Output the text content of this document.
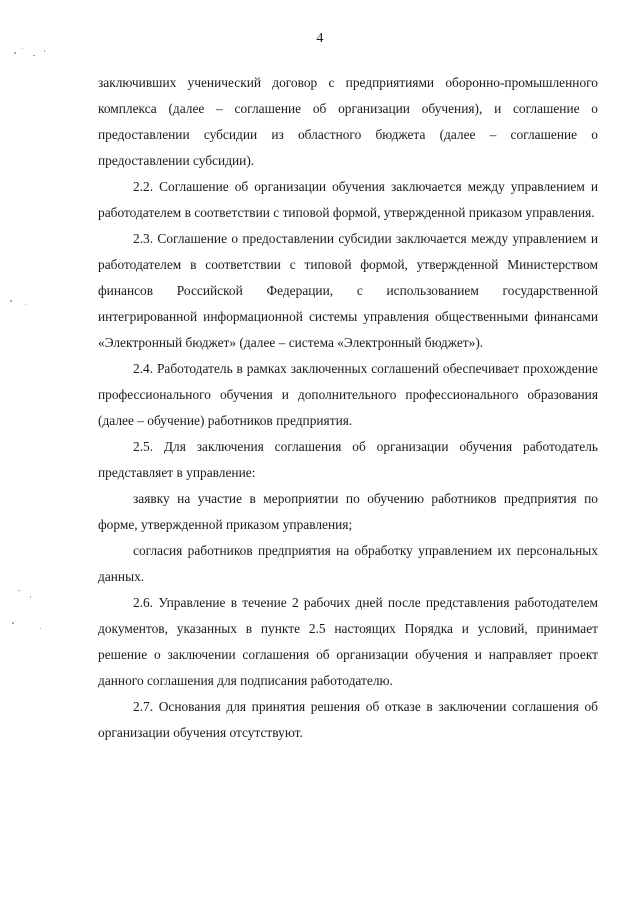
4

заключивших ученический договор с предприятиями оборонно-промышленного комплекса (далее – соглашение об организации обучения), и соглашение о предоставлении субсидии из областного бюджета (далее – соглашение о предоставлении субсидии).

2.2. Соглашение об организации обучения заключается между управлением и работодателем в соответствии с типовой формой, утвержденной приказом управления.

2.3. Соглашение о предоставлении субсидии заключается между управлением и работодателем в соответствии с типовой формой, утвержденной Министерством финансов Российской Федерации, с использованием государственной интегрированной информационной системы управления общественными финансами «Электронный бюджет» (далее – система «Электронный бюджет»).

2.4. Работодатель в рамках заключенных соглашений обеспечивает прохождение профессионального обучения и дополнительного профессионального образования (далее – обучение) работников предприятия.

2.5. Для заключения соглашения об организации обучения работодатель представляет в управление:

заявку на участие в мероприятии по обучению работников предприятия по форме, утвержденной приказом управления;

согласия работников предприятия на обработку управлением их персональных данных.

2.6. Управление в течение 2 рабочих дней после представления работодателем документов, указанных в пункте 2.5 настоящих Порядка и условий, принимает решение о заключении соглашения об организации обучения и направляет проект данного соглашения для подписания работодателю.

2.7. Основания для принятия решения об отказе в заключении соглашения об организации обучения отсутствуют.
